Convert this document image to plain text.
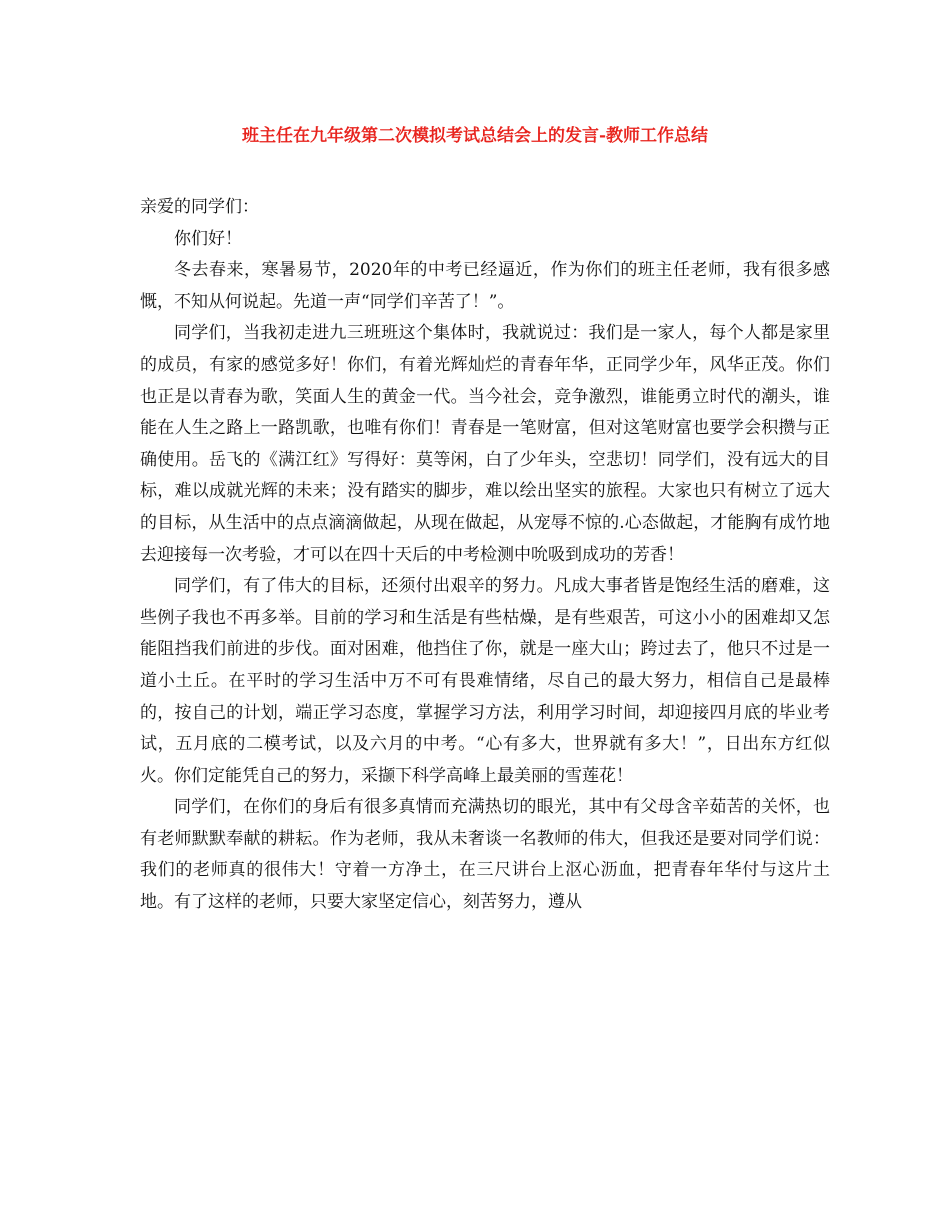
班主任在九年级第二次模拟考试总结会上的发言-教师工作总结

亲爱的同学们：

你们好！

冬去春来，寒暑易节，2020年的中考已经逼近，作为你们的班主任老师，我有很多感慨，不知从何说起。先道一声“同学们辛苦了！”。

同学们，当我初走进九三班班这个集体时，我就说过：我们是一家人，每个人都是家里的成员，有家的感觉多好！你们，有着光辉灿烂的青春年华，正同学少年，风华正茂。你们也正是以青春为歌，笑面人生的黄金一代。当今社会，竞争激烈，谁能勇立时代的潮头，谁能在人生之路上一路凯歌，也唯有你们！青春是一笔财富，但对这笔财富也要学会积攒与正确使用。岳飞的《满江红》写得好：莫等闲，白了少年头，空悲切！同学们，没有远大的目标，难以成就光辉的未来；没有踏实的脚步，难以绘出坚实的旅程。大家也只有树立了远大的目标，从生活中的点点滴滴做起，从现在做起，从宠辱不惊的.心态做起，才能胸有成竹地去迎接每一次考验，才可以在四十天后的中考检测中吮吸到成功的芳香！

同学们，有了伟大的目标，还须付出艰辛的努力。凡成大事者皆是饱经生活的磨难，这些例子我也不再多举。目前的学习和生活是有些枯燥，是有些艰苦，可这小小的困难却又怎能阻挡我们前进的步伐。面对困难，他挡住了你，就是一座大山；跨过去了，他只不过是一道小土丘。在平时的学习生活中万不可有畏难情绪，尽自己的最大努力，相信自己是最棒的，按自己的计划，端正学习态度，掌握学习方法，利用学习时间，却迎接四月底的毕业考试，五月底的二模考试，以及六月的中考。“心有多大，世界就有多大！”，日出东方红似火。你们定能凭自己的努力，采撷下科学高峰上最美丽的雪莲花！

同学们，在你们的身后有很多真情而充满热切的眼光，其中有父母含辛茹苦的关怀，也有老师默默奉献的耕耘。作为老师，我从未奢谈一名教师的伟大，但我还是要对同学们说：我们的老师真的很伟大！守着一方净土，在三尺讲台上沤心沥血，把青春年华付与这片土地。有了这样的老师，只要大家坚定信心，刻苦努力，遵从
